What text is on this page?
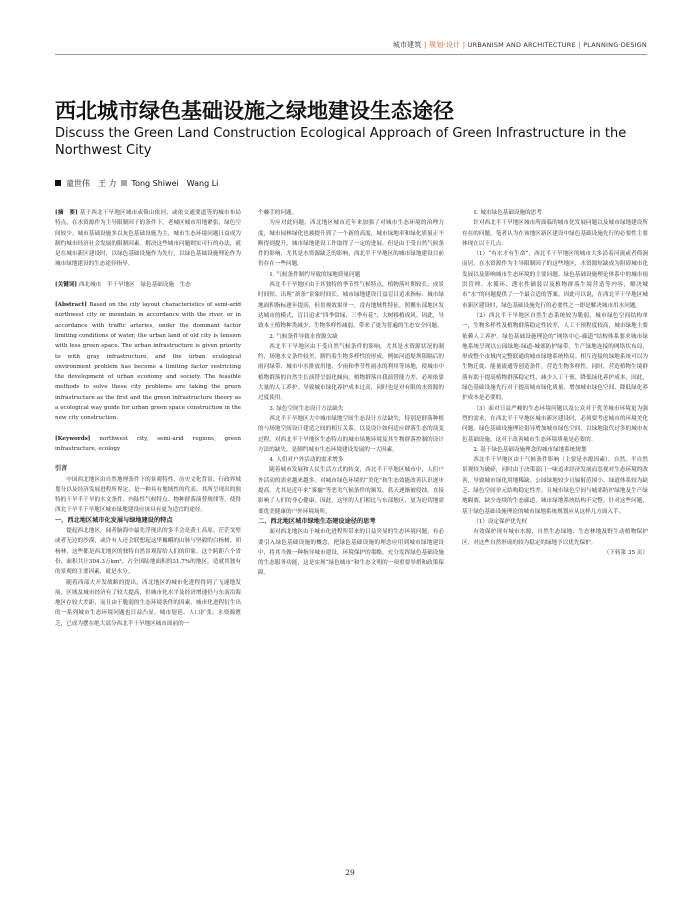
城市建筑 | 规划·设计 | URBANISM AND ARCHITECTURE | PLANNING·DESIGN
西北城市绿色基础设施之绿地建设生态途径
Discuss the Green Land Construction Ecological Approach of Green Infrastructure in the Northwest City
童世伟　王 力 Tong Shiwei　Wang Li

[摘　要] 基于西北干旱地区城市或倚山依河、或依交通要道等的城市布局特点，在水资源作为主导限制因子的条件下，老城区城市用地紧张，绿色空间较少。城市基础设施多以灰色基础设施为主，城市生态环境问题日益成为制约城市经济社会发展的限制因素。解决这些城市问题则实可行的办法，就是在城市新区建设时，以绿色基础设施作为先行，以绿色基础设施理论作为城市绿地建设的生态途径指导。

[关键词] 西北城市　半干旱地区　绿色基础设施　生态

[Abstract] Based on the city layout characteristics of semi-arid northwest city or mountain in accordance with the river, or in accordance with traffic arteries, under the dominant factor limiting conditions of water, the urban land of old city is tension with less green space. The urban infrastructure is given priority to with gray infrastructure, and the urban ecological environment problem has become a limiting factor restricting the development of urban economy and society. The feasible methods to solve these city problems are taking the green infrastructure as the first and the green infrastructure theory as a ecological way guide for urban green space construction in the new city construction.

[Keywords] northwest city, semi-arid regions, green infrastructure, ecology

引言

中国西北地区由自然地理条件下的景观特性、历史文化背景、行政界域划分以及经济发展进程所界定，是一种具有地域性的代表。其所呈现出的独特的干旱半干旱的水文条件、内陆性气候特点、物种群落演替规律等，使得西北干旱半干旱地区城市绿地建设应该具有更为适宜的途径。

一、西北地区城市化发展与绿地建设的特点

提起西北地区，闻者脑海中最先浮现出的多半会是黄土高原、茫茫戈壁或者无边的沙漠，或许有人还会联想起这里巍峨的山脉与坚毅的白杨树、胡杨林，这些都是西北地区的独特自然景观留给人们的印象。这个跨距六个省份、面积共计304.3万km²、占全国陆地面积的31.7%的地区，造就其独有的景观的主要因素，就是水分。

随着西部大开发战略的提出，西北地区的城市化进程得到了飞速地发展，区域及城市经济有了较大提高，但城市化水平及经济增速仍与东南沿海地区存较大差距，而且由于脆弱的生态环境条件的因素，城市化进程衍生出的一系列城市生态环境问题也日益凸显。城市堤延、人口扩张、水资源匮乏，已成为摆在绝大部分西北半干旱地区城市面前的一

个棘手的问题。

为应对此问题，西北地区城市近年来加强了对城市生态环境的治理力度，城市园林绿化也被提升到了一个新的高度，城市绿地率和绿化质量正不断得到提升，城市绿地建设工作取得了一定的进展。但是由于受自然气候条件的影响，尤其是水资源缺乏的影响，西北半干旱地区的城市绿地建设目前仍存在一些问题。

1. 气候条件制约导致的绿地质量问题

西北半干旱地区由于其独特的季节性气候特点，植物落叶期较长、成景时间短、出现“萧条”景象时间长。城市绿地建设日益盲目追求指标：城市绿地面积指标逐年提高，但景观效果单一，没有地域性特征。照搬东部地区发达城市的模式，盲目追求“四季常绿，三季有花”，大树移植成风。因此，导致本土植物种类减少、生物多样性减弱，带来了更为普遍的生态安全问题。

2. 气候条件导致水资源欠缺

西北半干旱地区由于受自然气候条件的影响，尤其是水资源状况的制约，场地水文条件较差，制约着生物多样性的形成。例如河道堤坝阻隔后的雨河绿带、城市中水排放用地、少雨和季节性雨水的利用等场地，使城市中植物群落的自然生长演替呈弱化倾向。植物群落自我演替能力差，必须依靠大量的人工养护。导致城市绿化养护成本过高，同时也是对有限的水资源的过度使用。

3. 绿色空间生态设计方法缺失

西北半干旱地区大中城市绿地空间生态设计方法缺失，特别是群落种植的与场地空间设计建造之间的相互关系，以及设计如何适应群落生态的演变过程。对西北半干旱地区生态特点的城市场地环境及其生物群落控制的设计方法的缺失，是制约城市生态环境建设发展的一大因素。

4. 人们对户外活动的需求增多

随着城市发展和人民生活方式的转变，西北半干旱地区城市中，人们户外活动的需求越来越多，对城市绿色环境的“美化”和生态效能改善认识逐步提高。尤其是近年来“雾霾”等恶劣气候条件的频发，蓝天逐渐被侵蚀，直接影响了人们的身心健康，因此，这里的人们相比与东部地区，更为迫切地需要优美健康的户外环境场所。

二、西北地区城市绿地生态建设途径的思考

面对西北地区由于城市化进程所带来的日益突显的生态环境问题，有必要引入绿色基础设施的概念，把绿色基础设施的理念应用到城市绿地建设中，将其当做一种指导城市建设、环境保护的策略，充分发挥绿色基础设施的生态服务功能，这是实现“绿色城市”和生态文明的一项重要举措和政策保障。

1. 城市绿色基础设施的思考

针对西北半干旱地区城市所面临的城市化发展问题以及城市绿地建设所存在的问题，笔者认为在该地区新区建设中绿色基础设施先行的必要性主要体现在以下几点：

（1）“有水才有生命”，西北半干旱地区的城市大多沿着河流或者倚涧而居。在水资源作为主导限制因子的这些地区，水资源短缺成为阻碍城市化发展以及影响城市生态环境的主要问题。绿色基础设施理论体系中的城市雨洪管理、水循环、透水性铺装以及植物群落生境营造等内容，解决城市“水”的问题提供了一个最合适的答案。因此可以说，在西北半干旱地区城市新区建设时，绿色基础设施先行的必要性之一即是解决城市用水问题。

（2）西北半干旱地区自然生态系统较为脆弱，城市绿色空间结构单一，生物多样性及植物群落稳定性较差，人工干预程度较高，城市绿地主要依赖人工养护。绿色基础设施理论的“网络中心-廊道”结构体系要求城市绿地系统呈现以公园绿地-绿道-城郊防护绿带、生产绿地连接的网络状布局，形成整个市域内完整联通的城市绿地系统格局。相互连接的绿地系统可以为生物迁徙、能量流通等创造条件，营造生物多样性。同时，营造植物生境群落有助于提高植物群落稳定性、减少人工干预、降低绿化养护成本。因此，绿色基础设施先行对于提高城市绿化质量、增加城市绿色空间、降低绿化养护成本是必要的。

（3）面对日益严峻的生态环境问题以及公众对于优美城市环境更为强烈的需求，在西北半干旱地区城市新区建设时，必须要考虑城市的环境美化问题。绿色基础设施理论倡导增加城市绿色空间，以绿地取代过多的城市灰色基础设施，这对于改善城市生态环境质量是必要的。

2. 基于绿色基础设施理念的城市绿地系统规划

西北半干旱地区由于气候条件影响（主要是水源因素）、自然、半自然景观较为破碎，同时由于决策部门一味追求经济发展而忽视对生态环境的改善，导致城市绿化用地稀缺、公园绿地较少且辐射范围小、绿道体系较为缺乏、绿色空间单元结构稳定性差。且城市绿色空间与城郊防护绿地及生产绿地隔离，缺少连续的生态廊道，城市绿地系统结构不完整。针对这些问题，基于绿色基础设施理论的城市绿地系统规划应从这样几方面入手。

（1）设定保护优先权

有效保护现有城市水源、自然生态绿地、生态林地及野生动植物保护区，对这些自然形成的较为稳定的绿地予以优先保护。

（下转第 35 页）

29
